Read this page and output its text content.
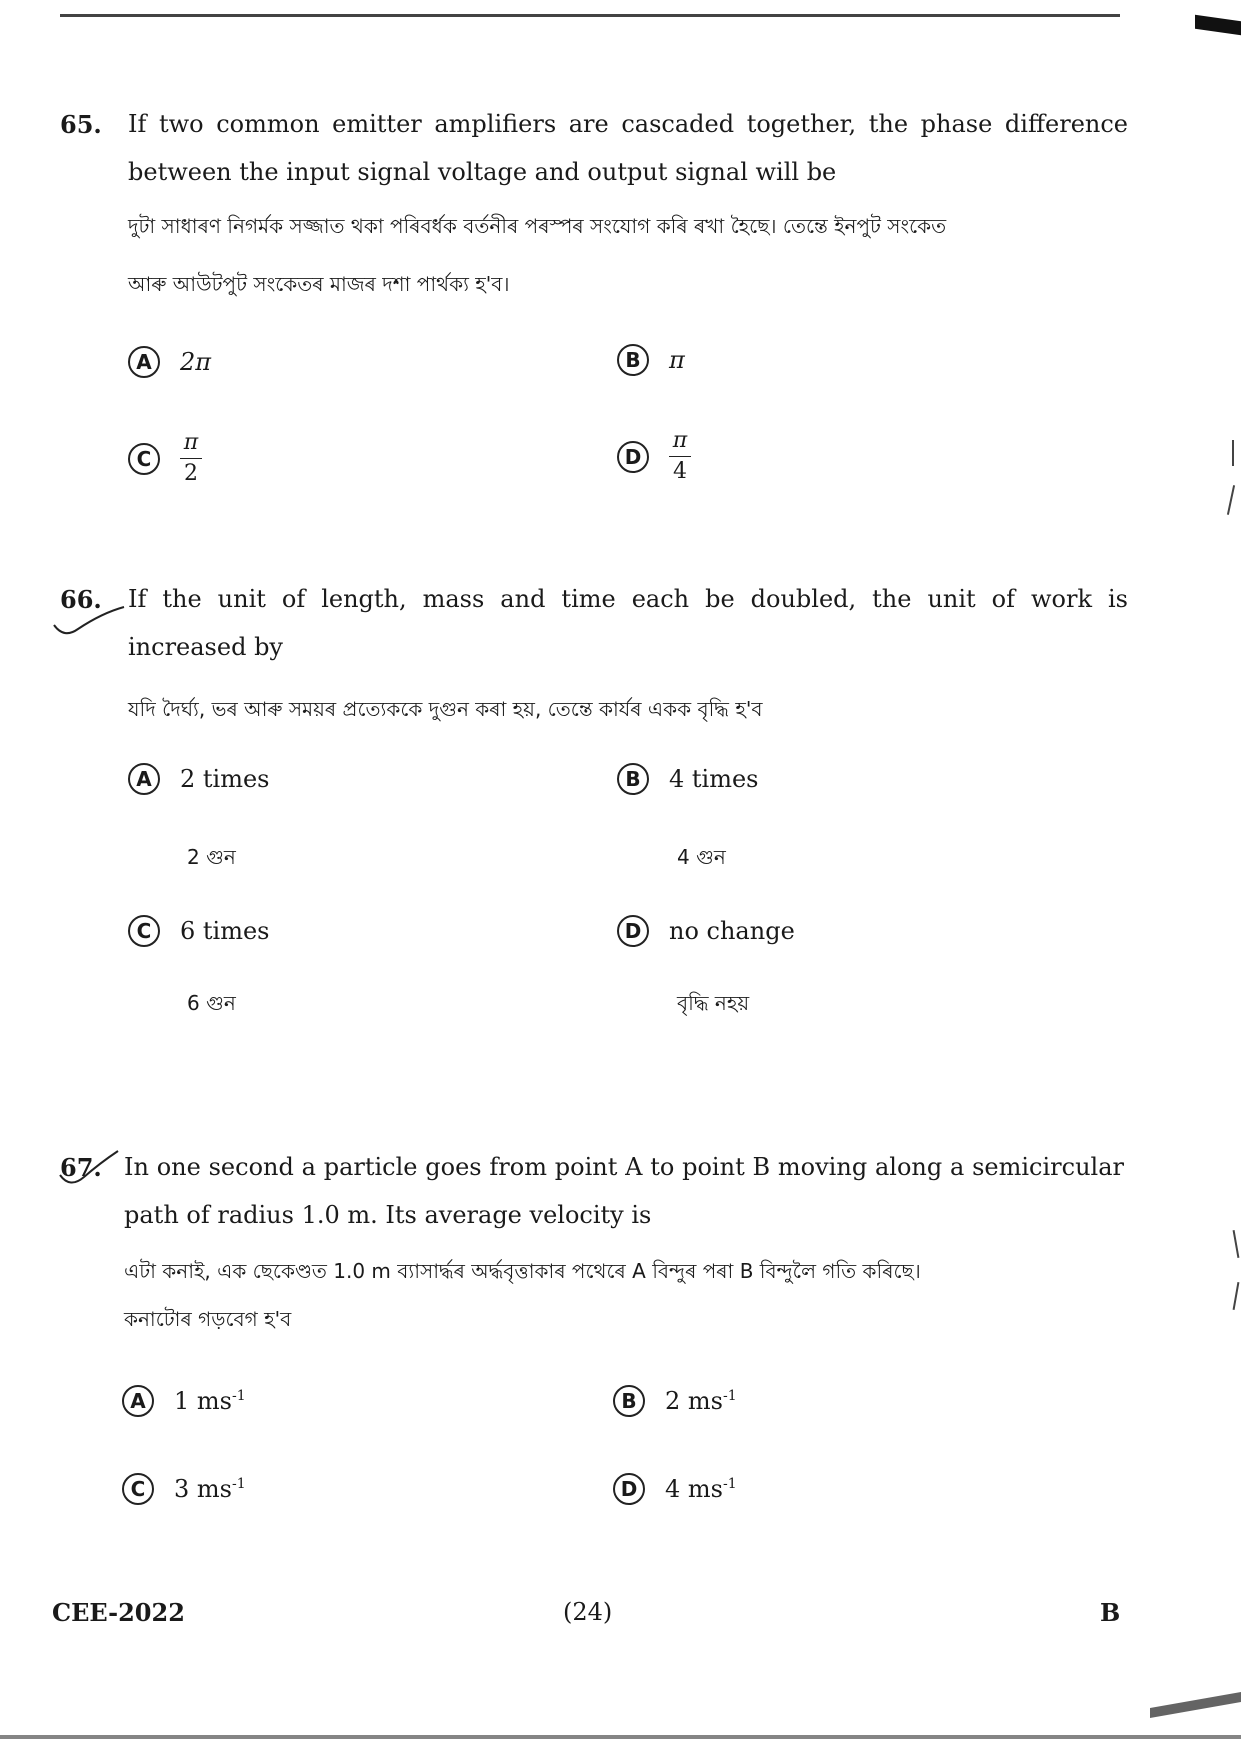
65. If two common emitter amplifiers are cascaded together, the phase difference between the input signal voltage and output signal will be
দুটা সাধাৰণ নিগৰ্মক সজ্জাত থকা পৰিবৰ্ধক বৰ্তনীৰ পৰস্পৰ সংযোগ কৰি ৰখা হৈছে। তেন্তে ইনপুট সংকেত
আৰু আউটপুট সংকেতৰ মাজৰ দশা পাৰ্থক্য হ'ব।
A	2π	B	π
C	$\frac{\pi}{2}$	D	$\frac{\pi}{4}$
66. If the unit of length, mass and time each be doubled, the unit of work is increased by
যদি দৈৰ্ঘ্য, ভৰ আৰু সময়ৰ প্ৰত্যেককে দুগুন কৰা হয়, তেন্তে কাৰ্যৰ একক বৃদ্ধি হ'ব
A	2 times
2 গুন
B	4 times
4 গুন
C	6 times
6 গুন
D	no change
বৃদ্ধি নহয়
67. In one second a particle goes from point A to point B moving along a semicircular path of radius 1.0 m. Its average velocity is
এটা কনাই, এক ছেকেণ্ডত 1.0 m ব্যাসাৰ্দ্ধৰ অৰ্দ্ধবৃত্তাকাৰ পথেৰে A বিন্দুৰ পৰা B বিন্দুলৈ গতি কৰিছে।
কনাটোৰ গড়বেগ হ'ব
A	1 $ms^{-1}$	B	2 $ms^{-1}$
C	3 $ms^{-1}$	D	4 $ms^{-1}$
CEE-2022	(24)	B
